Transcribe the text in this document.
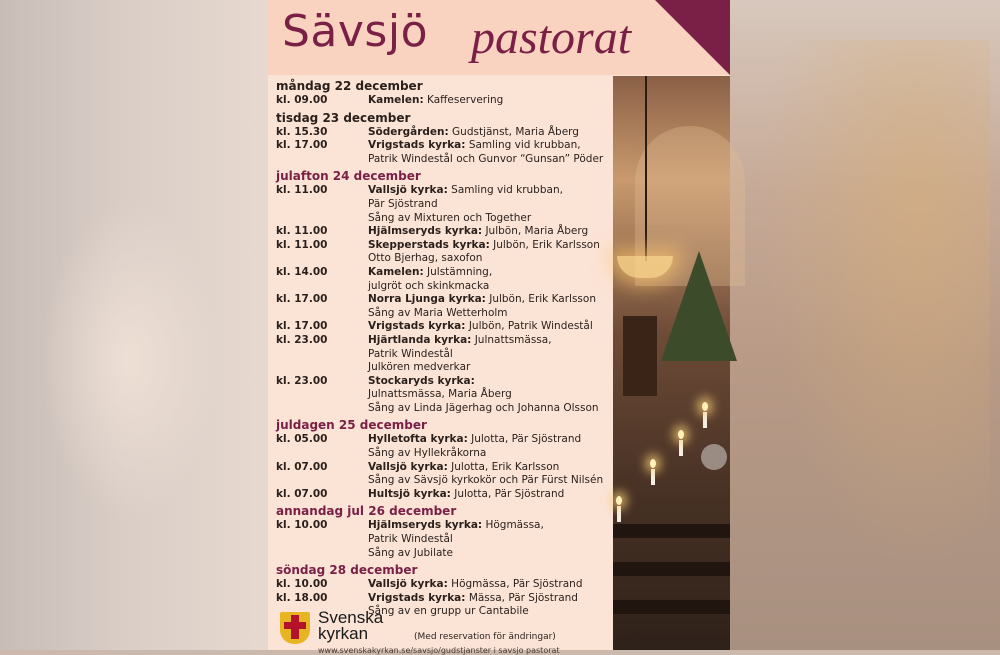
Sävsjö pastorat
måndag 22 december
kl. 09.00	Kamelen: Kaffeservering
tisdag 23 december
kl. 15.30	Södergården: Gudstjänst, Maria Åberg
kl. 17.00	Vrigstads kyrka: Samling vid krubban,
Patrik Windestål och Gunvor “Gunsan” Pöder
julafton 24 december
kl. 11.00	Vallsjö kyrka: Samling vid krubban,
Pär Sjöstrand
Sång av Mixturen och Together
kl. 11.00	Hjälmseryds kyrka: Julbön, Maria Åberg
kl. 11.00	Skepperstads kyrka: Julbön, Erik Karlsson
Otto Bjerhag, saxofon
kl. 14.00	Kamelen: Julstämning,
julgröt och skinkmacka
kl. 17.00	Norra Ljunga kyrka: Julbön, Erik Karlsson
Sång av Maria Wetterholm
kl. 17.00	Vrigstads kyrka: Julbön, Patrik Windestål
kl. 23.00	Hjärtlanda kyrka: Julnattsmässa,
Patrik Windestål
Julkören medverkar
kl. 23.00	Stockaryds kyrka:
Julnattsmässa, Maria Åberg
Sång av Linda Jägerhag och Johanna Olsson
juldagen 25 december
kl. 05.00	Hylletofta kyrka: Julotta, Pär Sjöstrand
Sång av Hyllekråkorna
kl. 07.00	Vallsjö kyrka: Julotta, Erik Karlsson
Sång av Sävsjö kyrkokör och Pär Fürst Nilsén
kl. 07.00	Hultsjö kyrka: Julotta, Pär Sjöstrand
annandag jul 26 december
kl. 10.00	Hjälmseryds kyrka: Högmässa,
Patrik Windestål
Sång av Jubilate
söndag 28 december
kl. 10.00	Vallsjö kyrka: Högmässa, Pär Sjöstrand
kl. 18.00	Vrigstads kyrka: Mässa, Pär Sjöstrand
Sång av en grupp ur Cantabile
Svenska
kyrkan	(Med reservation för ändringar)
www.svenskakyrkan.se/savsjo/gudstjanster i savsjo pastorat
